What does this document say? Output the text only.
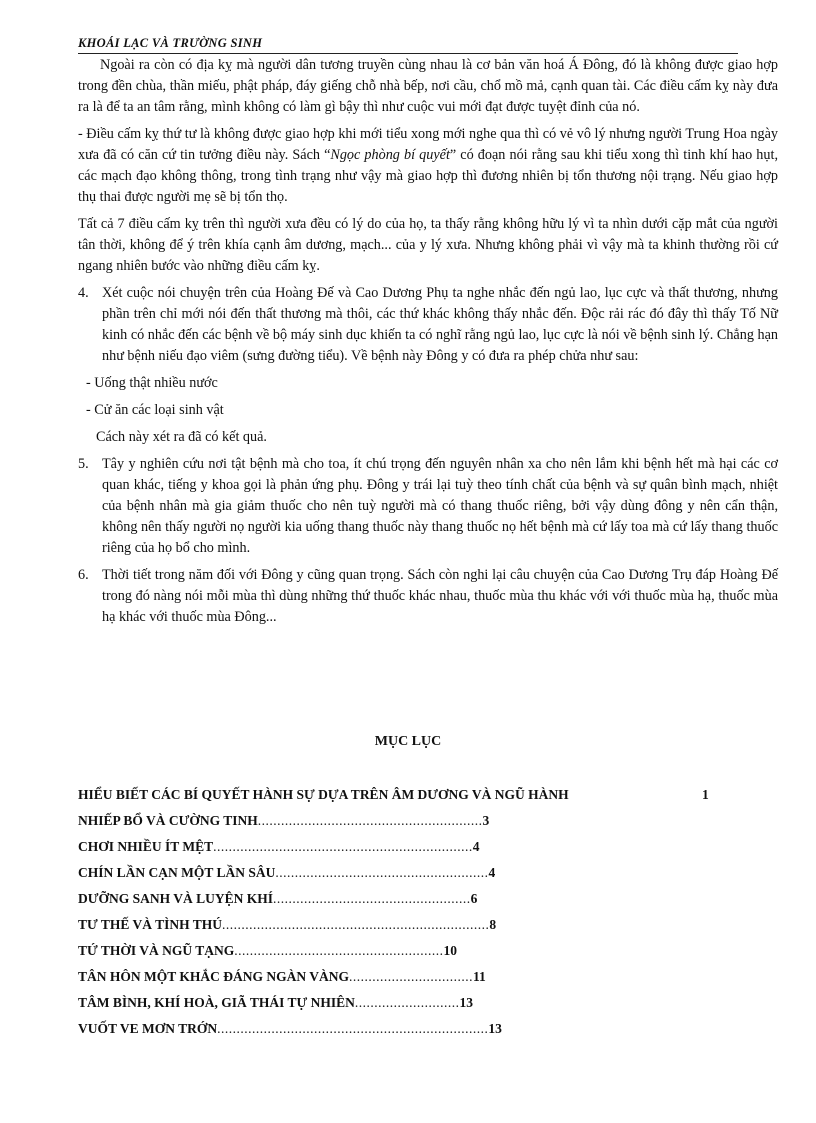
KHOÁI LẠC VÀ TRƯỜNG SINH

Ngoài ra còn có địa kỵ mà người dân tương truyền cùng nhau là cơ bản văn hoá Á Đông, đó là không được giao hợp trong đền chùa, thần miếu, phật pháp, đáy giếng chỗ nhà bếp, nơi cầu, chổ mồ mả, cạnh quan tài. Các điều cấm kỵ này đưa ra là để ta an tâm rằng, mình không có làm gì bậy thì như cuộc vui mới đạt được tuyệt đỉnh của nó.

- Điều cấm kỵ thứ tư là không được giao hợp khi mới tiểu xong mới nghe qua thì có vẻ vô lý nhưng người Trung Hoa ngày xưa đã có căn cứ tin tưởng điều này. Sách “Ngọc phòng bí quyết” có đoạn nói rằng sau khi tiểu xong thì tinh khí hao hụt, các mạch đạo không thông, trong tình trạng như vậy mà giao hợp thì đương nhiên bị tổn thương nội trạng. Nếu giao hợp thụ thai được người mẹ sẽ bị tổn thọ.

Tất cả 7 điều cấm kỵ trên thì người xưa đều có lý do của họ, ta thấy rằng không hữu lý vì ta nhìn dưới cặp mắt của người tân thời, không để ý trên khía cạnh âm dương, mạch... của y lý xưa. Nhưng không phải vì vậy mà ta khinh thường rồi cứ ngang nhiên bước vào những điều cấm kỵ.

4. Xét cuộc nói chuyện trên của Hoàng Đế và Cao Dương Phụ ta nghe nhắc đến ngủ lao, lục cực và thất thương, nhưng phần trên chỉ mới nói đến thất thương mà thôi, các thứ khác không thấy nhắc đến. Độc rải rác đó đây thì thấy Tố Nữ kinh có nhắc đến các bệnh về bộ máy sinh dục khiến ta có nghĩ rằng ngủ lao, lục cực là nói về bệnh sinh lý. Chẳng hạn như bệnh niếu đạo viêm (sưng đường tiểu). Về bệnh này Đông y có đưa ra phép chửa như sau:

- Uống thật nhiều nước

- Cử ăn các loại sinh vật

Cách này xét ra đã có kết quả.

5. Tây y nghiên cứu nơi tật bệnh mà cho toa, ít chú trọng đến nguyên nhân xa cho nên lắm khi bệnh hết mà hại các cơ quan khác, tiếng y khoa gọi là phản ứng phụ. Đông y trái lại tuỳ theo tính chất của bệnh và sự quân bình mạch, nhiệt của bệnh nhân mà gia giảm thuốc cho nên tuỳ người mà có thang thuốc riêng, bởi vậy dùng đông y nên cẩn thận, không nên thấy người nọ người kia uống thang thuốc này thang thuốc nọ hết bệnh mà cứ lấy toa mà cứ lấy thang thuốc riêng của họ bổ cho mình.
6. Thời tiết trong năm đối với Đông y cũng quan trọng. Sách còn nghi lại câu chuyện của Cao Dương Trụ đáp Hoàng Đế trong đó nàng nói mỗi mùa thì dùng những thứ thuốc khác nhau, thuốc mùa thu khác với với thuốc mùa hạ, thuốc mùa hạ khác với thuốc mùa Đông...
MỤC LỤC
HIỂU BIẾT CÁC BÍ QUYẾT HÀNH SỰ DỰA TRÊN ÂM DƯƠNG VÀ NGŨ HÀNH	1
NHIẾP BỔ VÀ CƯỜNG TINH..........................................................3
CHƠI NHIỀU ÍT MỆT...................................................................4
CHÍN LẦN CẠN MỘT LẦN SÂU.......................................................4
DƯỠNG SANH VÀ LUYỆN KHÍ...................................................6
TƯ THẾ VÀ TÌNH THÚ.....................................................................8
TỨ THỜI VÀ NGŨ TẠNG......................................................10
TÂN HÔN MỘT KHẮC ĐÁNG NGÀN VÀNG................................11
TÂM BÌNH, KHÍ HOÀ, GIÃ THÁI TỰ NHIÊN...........................13
VUỐT VE MƠN TRỚN......................................................................13
